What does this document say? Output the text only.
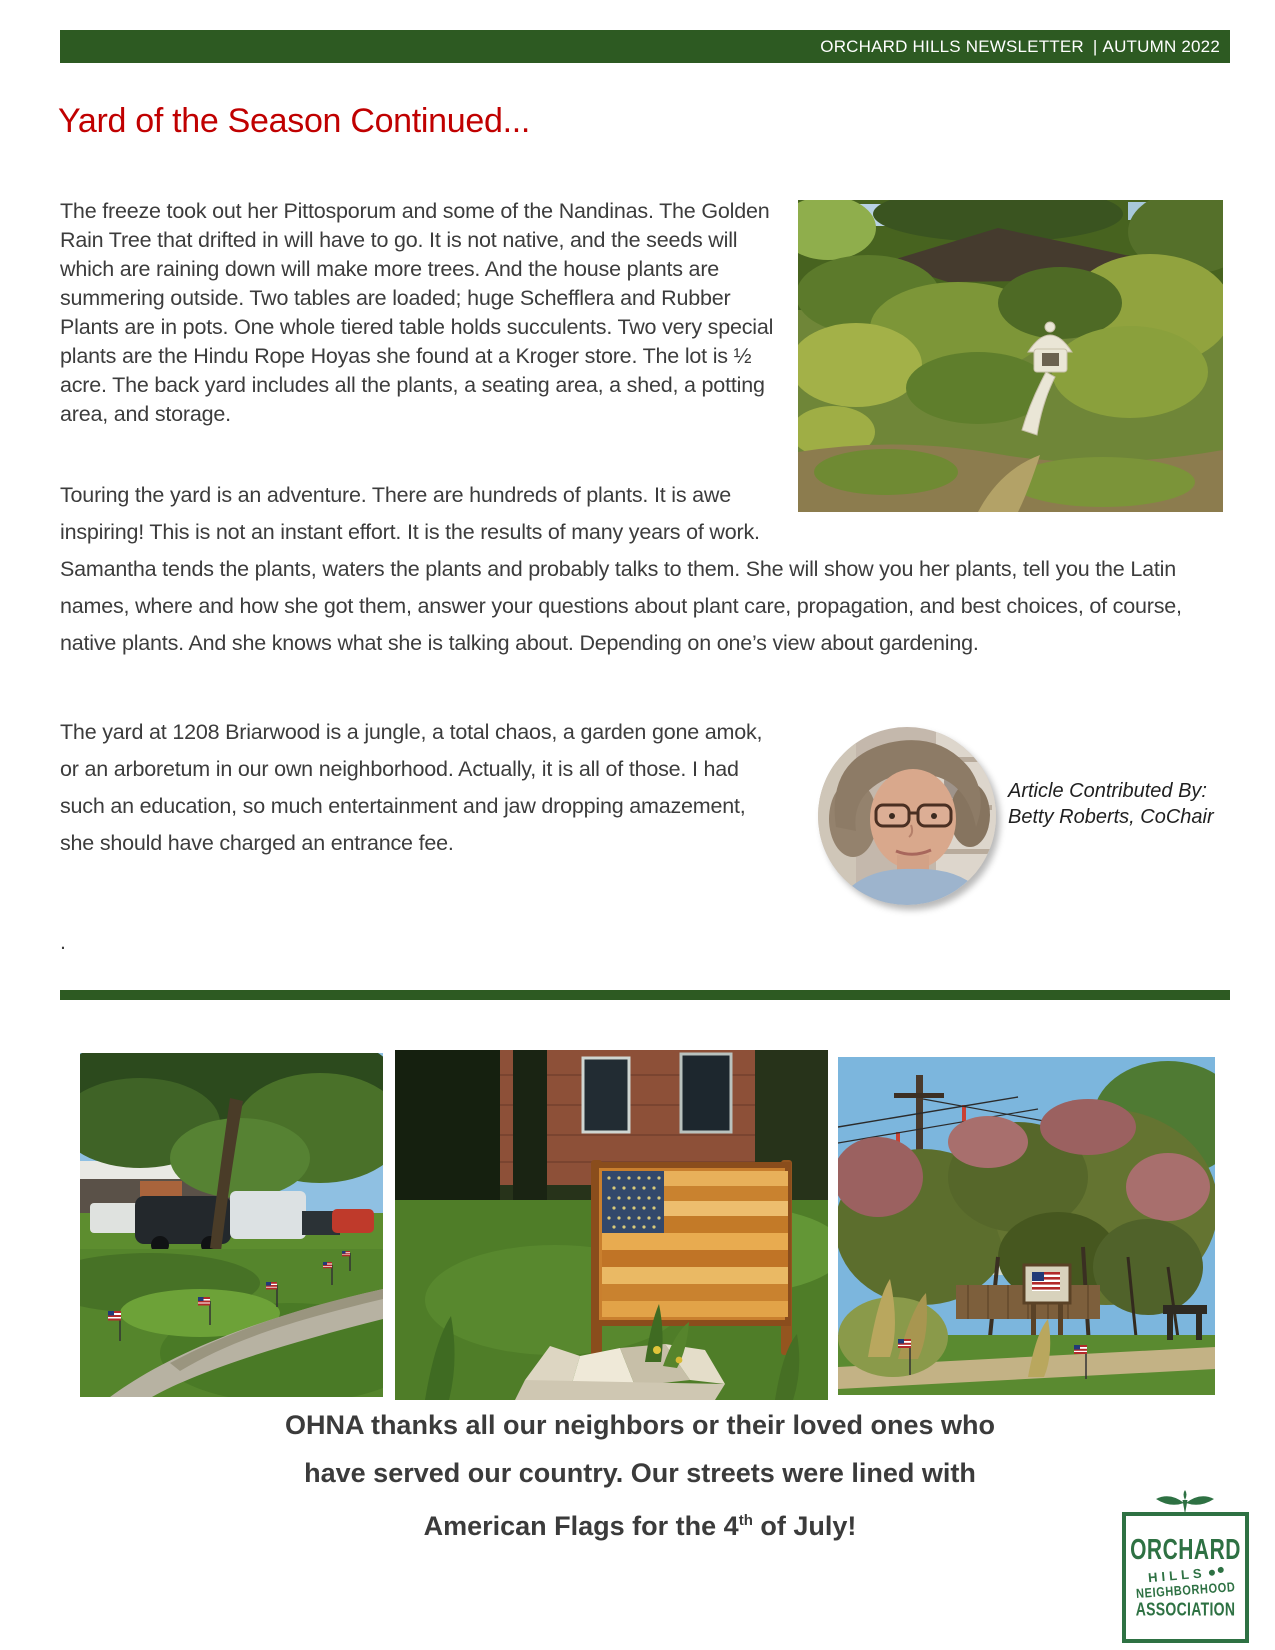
ORCHARD HILLS NEWSLETTER | AUTUMN 2022
Yard of the Season Continued...

The freeze took out her Pittosporum and some of the Nandinas. The Golden Rain Tree that drifted in will have to go. It is not native, and the seeds will which are raining down will make more trees. And the house plants are summering outside. Two tables are loaded; huge Schefflera and Rubber Plants are in pots. One whole tiered table holds succulents. Two very special plants are the Hindu Rope Hoyas she found at a Kroger store. The lot is ½ acre. The back yard includes all the plants, a seating area, a shed, a potting area, and storage.

Touring the yard is an adventure. There are hundreds of plants. It is awe inspiring! This is not an instant effort. It is the results of many years of work. Samantha tends the plants, waters the plants and probably talks to them. She will show you her plants, tell you the Latin names, where and how she got them, answer your questions about plant care, propagation, and best choices, of course, native plants. And she knows what she is talking about. Depending on one’s view about gardening.

The yard at 1208 Briarwood is a jungle, a total chaos, a garden gone amok, or an arboretum in our own neighborhood. Actually, it is all of those. I had such an education, so much entertainment and jaw dropping amazement, she should have charged an entrance fee.

Article Contributed By:
Betty Roberts, CoChair

.

OHNA thanks all our neighbors or their loved ones who
have served our country. Our streets were lined with
American Flags for the 4th of July!
ORCHARD
HILLS
NEIGHBORHOOD
ASSOCIATION
